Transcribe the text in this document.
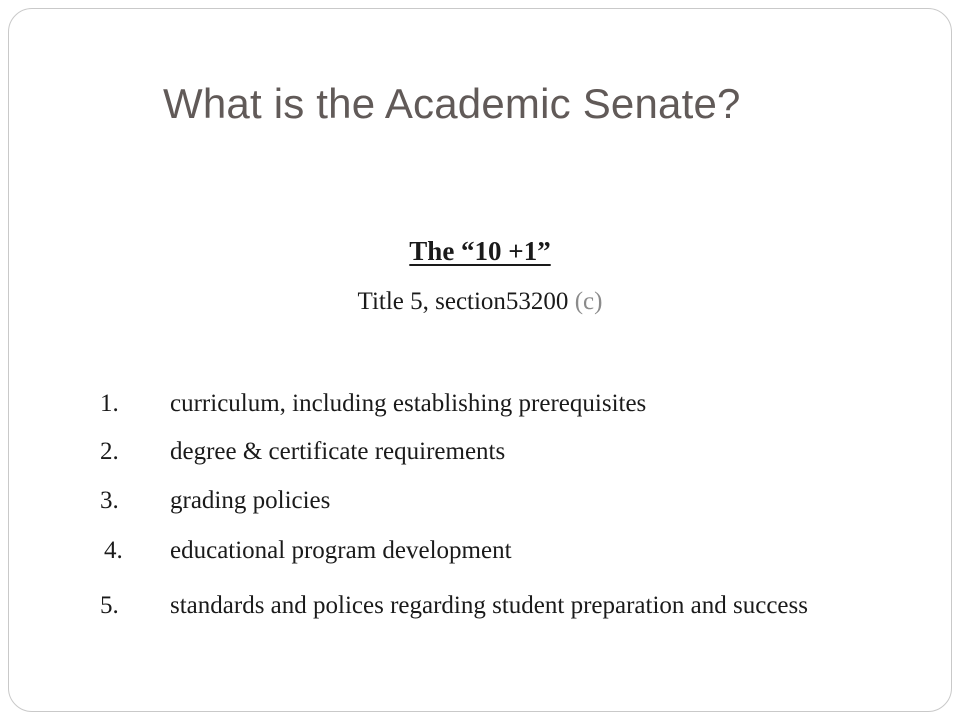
What is the Academic Senate?
The “10 +1”
Title 5, section53200 (c)
1.	curriculum, including establishing prerequisites
2.	degree & certificate requirements
3.	grading policies
4.	educational program development
5.	standards and polices regarding student preparation and success
